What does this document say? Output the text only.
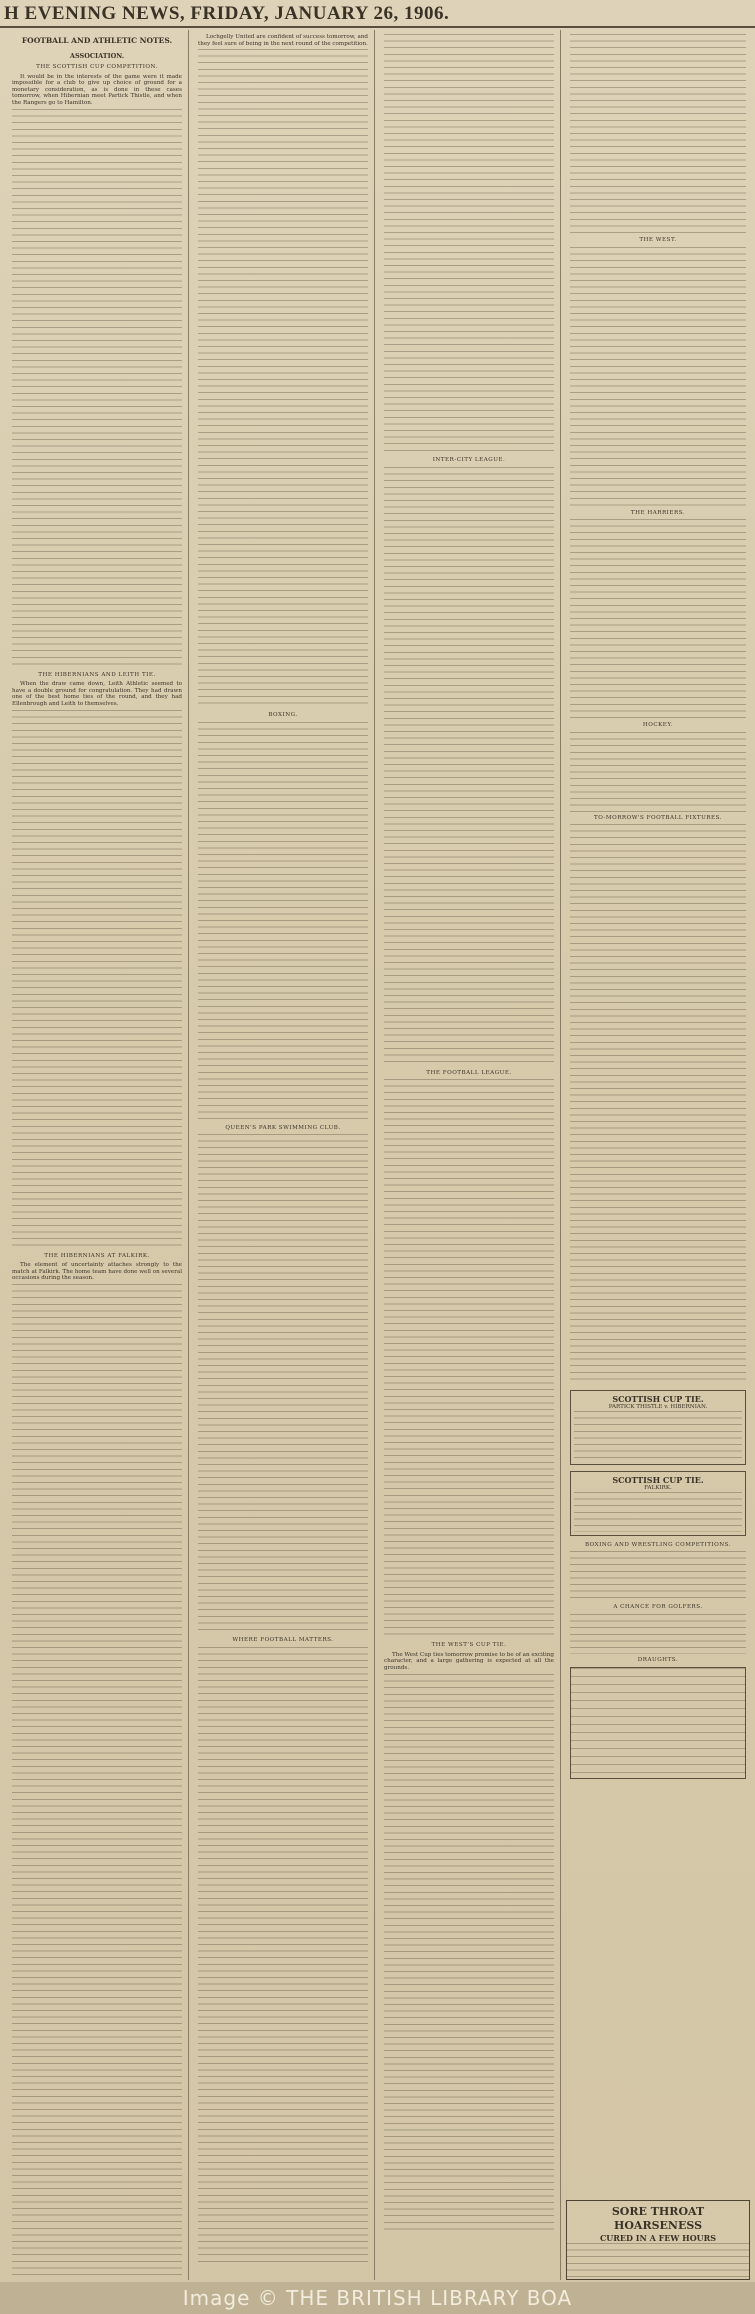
H EVENING NEWS, FRIDAY, JANUARY 26, 1906.
FOOTBALL AND ATHLETIC NOTES.
ASSOCIATION.
THE SCOTTISH CUP COMPETITION.

It would be in the interests of the game were it made impossible for a club to give up choice of ground for a monetary consideration, as is done in these cases tomorrow, when Hibernian meet Partick Thistle, and when the Rangers go to Hamilton.

THE HIBERNIANS AND LEITH TIE.

When the draw came down, Leith Athletic seemed to have a double ground for congratulation. They had drawn one of the best home ties of the round, and they had Ellenbrough and Leith to themselves.

THE HIBERNIANS AT FALKIRK.

The element of uncertainty attaches strongly to the match at Falkirk. The home team have done well on several occasions during the season.

Lochgelly United are confident of success tomorrow, and they feel sure of being in the next round of the competition.

BOXING.
QUEEN'S PARK SWIMMING CLUB.
WHERE FOOTBALL MATTERS.
INTER-CITY LEAGUE.
THE FOOTBALL LEAGUE.
THE WEST'S CUP TIE.

The West Cup ties tomorrow promise to be of an exciting character, and a large gathering is expected at all the grounds.

THE WEST.
THE HARRIERS.
HOCKEY.
TO-MORROW'S FOOTBALL FIXTURES.
SCOTTISH CUP TIE.
PARTICK THISTLE v. HIBERNIAN.
SCOTTISH CUP TIE.
FALKIRK.
BOXING AND WRESTLING COMPETITIONS.
A CHANCE FOR GOLFERS.
DRAUGHTS.
SORE THROAT HOARSENESS
CURED IN A FEW HOURS
Image © THE BRITISH LIBRARY BOA
